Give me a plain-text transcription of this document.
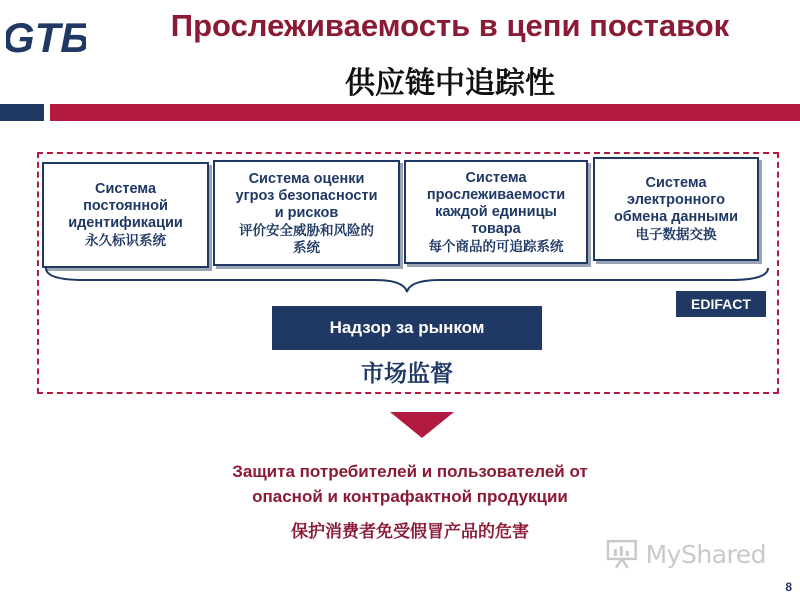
GTБ	Прослеживаемость в цепи поставок
供应链中追踪性
Система
постоянной
идентификации
永久标识系统
Система оценки
угроз безопасности
и рисков
评价安全威胁和风险的
系统
Система
прослеживаемости
каждой единицы
товара
每个商品的可追踪系统
Система
электронного
обмена данными
电子数据交换
EDIFACT
Надзор за рынком
市场监督
Защита потребителей и пользователей от
опасной и контрафактной продукции
保护消费者免受假冒产品的危害
MyShared
8
